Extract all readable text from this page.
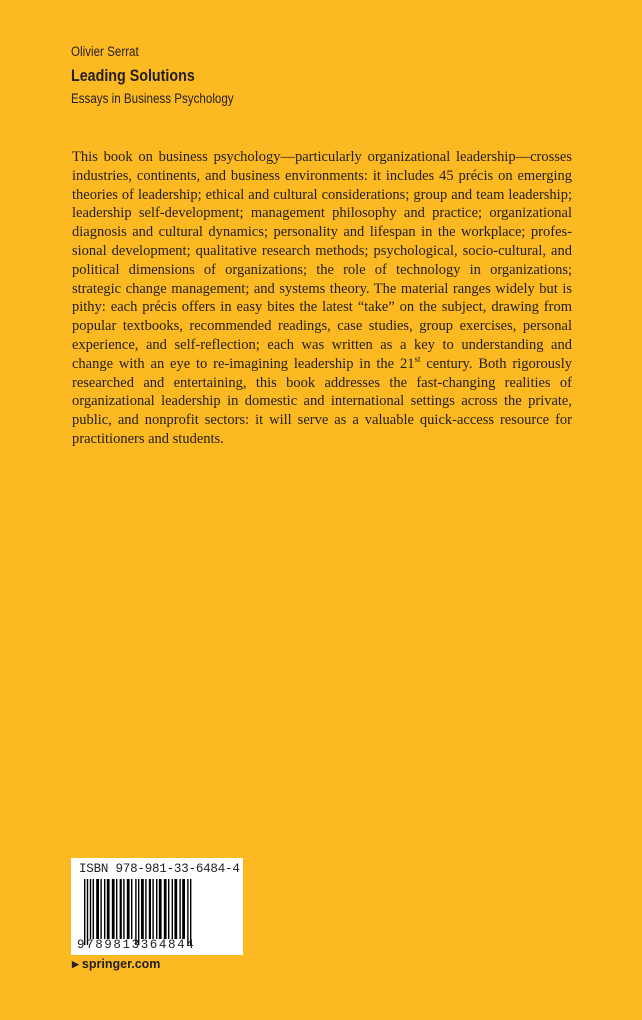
Olivier Serrat
Leading Solutions
Essays in Business Psychology

This book on business psychology—particularly organizational leadership—crosses industries, continents, and business environments: it includes 45 précis on emerging theories of leadership; ethical and cultural considerations; group and team leadership; leadership self-development; management philosophy and practice; organizational diagnosis and cultural dynamics; personality and lifespan in the workplace; professional development; qualitative research methods; psychological, socio-cultural, and political dimensions of organizations; the role of technology in organizations; strategic change management; and systems theory. The material ranges widely but is pithy: each précis offers in easy bites the latest “take” on the subject, drawing from popular textbooks, recommended readings, case studies, group exercises, personal experience, and self-reflection; each was written as a key to understanding and change with an eye to re-imagining leadership in the 21st century. Both rigorously researched and entertaining, this book addresses the fast-changing realities of organizational leadership in domestic and international settings across the private, public, and nonprofit sectors: it will serve as a valuable quick-access resource for practitioners and students.

ISBN 978-981-33-6484-4
9789813364844
▶ springer.com
